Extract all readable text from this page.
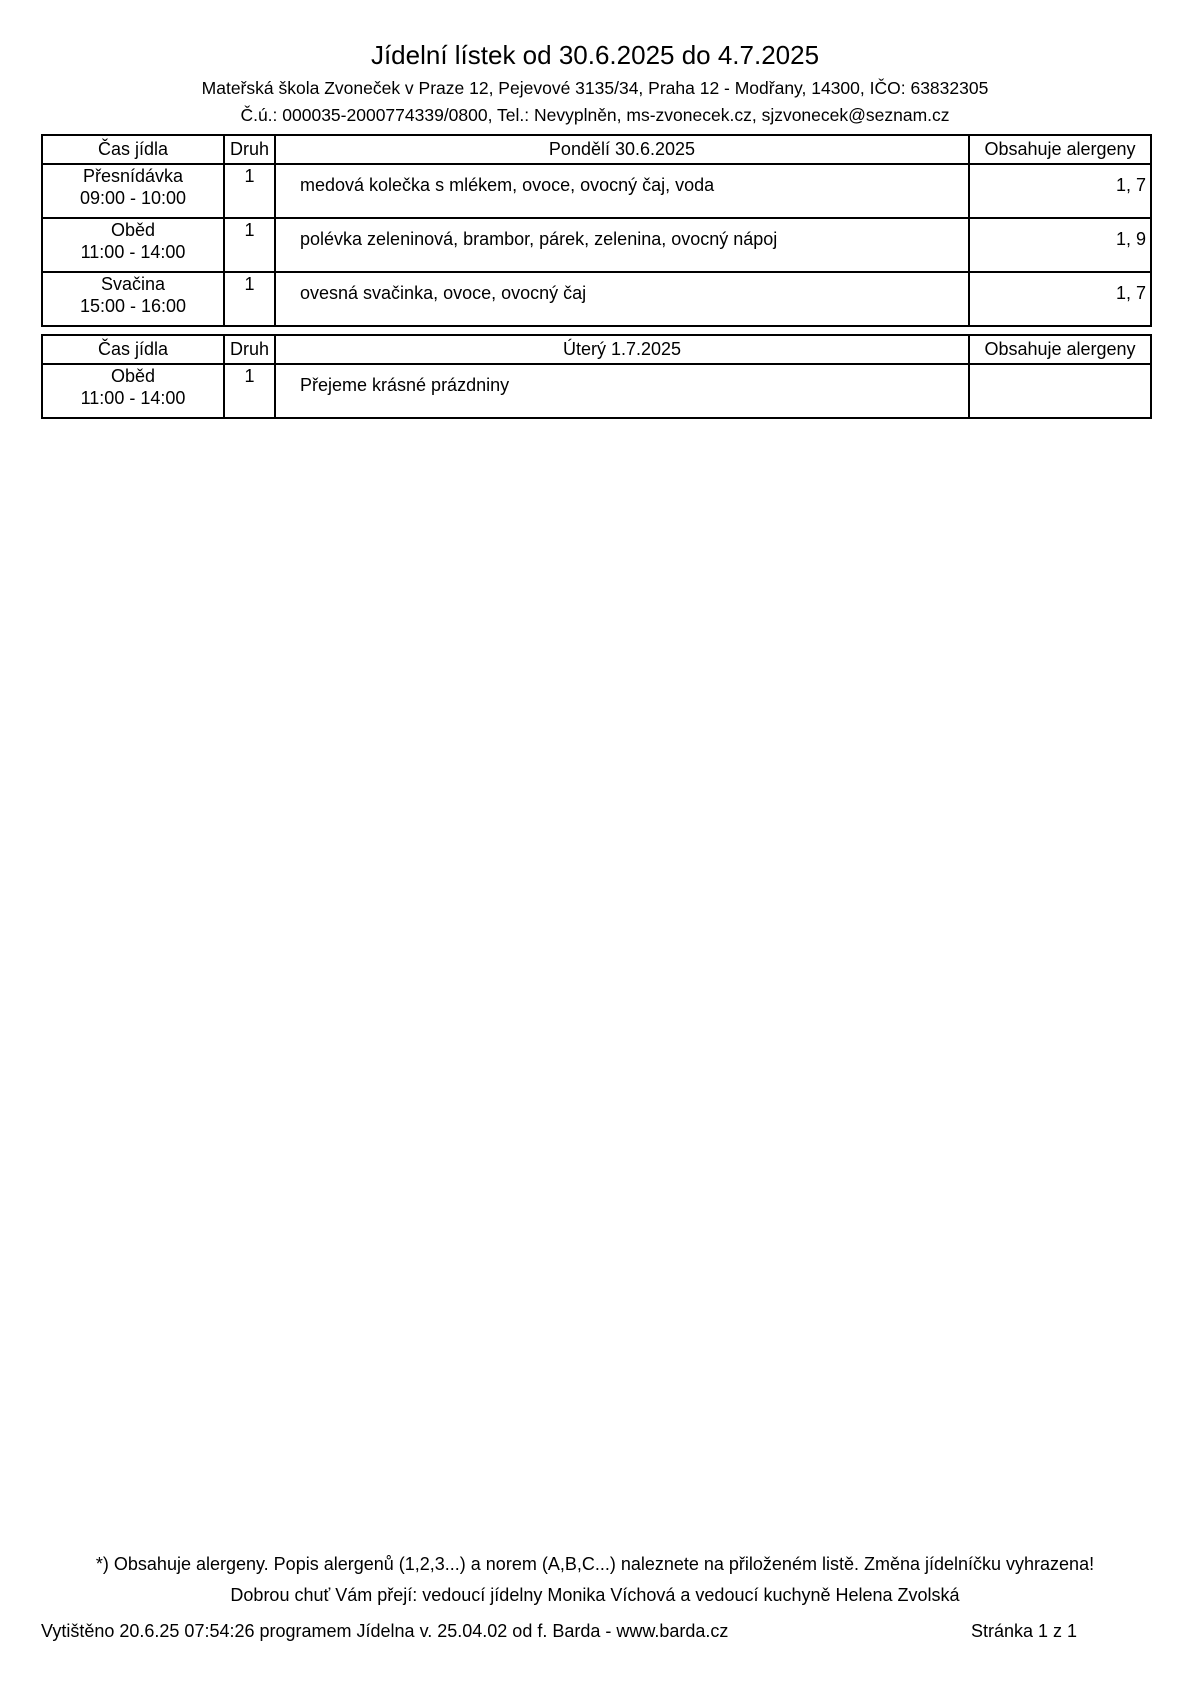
Jídelní lístek od 30.6.2025 do 4.7.2025
Mateřská škola Zvoneček v Praze 12, Pejevové 3135/34, Praha 12 - Modřany, 14300, IČO: 63832305
Č.ú.: 000035-2000774339/0800, Tel.: Nevyplněn, ms-zvonecek.cz, sjzvonecek@seznam.cz
Čas jídla	Druh	Pondělí 30.6.2025	Obsahuje alergeny

Přesnídávka
09:00 - 10:00	1	medová kolečka s mlékem, ovoce, ovocný čaj, voda	1, 7

Oběd
11:00 - 14:00	1	polévka zeleninová, brambor, párek, zelenina, ovocný nápoj	1, 9

Svačina
15:00 - 16:00	1	ovesná svačinka, ovoce, ovocný čaj	1, 7
Čas jídla	Druh	Úterý 1.7.2025	Obsahuje alergeny

Oběd
11:00 - 14:00	1	Přejeme krásné prázdniny	
*) Obsahuje alergeny. Popis alergenů (1,2,3...) a norem (A,B,C...) naleznete na přiloženém listě. Změna jídelníčku vyhrazena!
Dobrou chuť Vám přejí: vedoucí jídelny Monika Víchová a vedoucí kuchyně Helena Zvolská
Vytištěno 20.6.25 07:54:26 programem Jídelna v. 25.04.02 od f. Barda - www.barda.cz	Stránka 1 z 1
